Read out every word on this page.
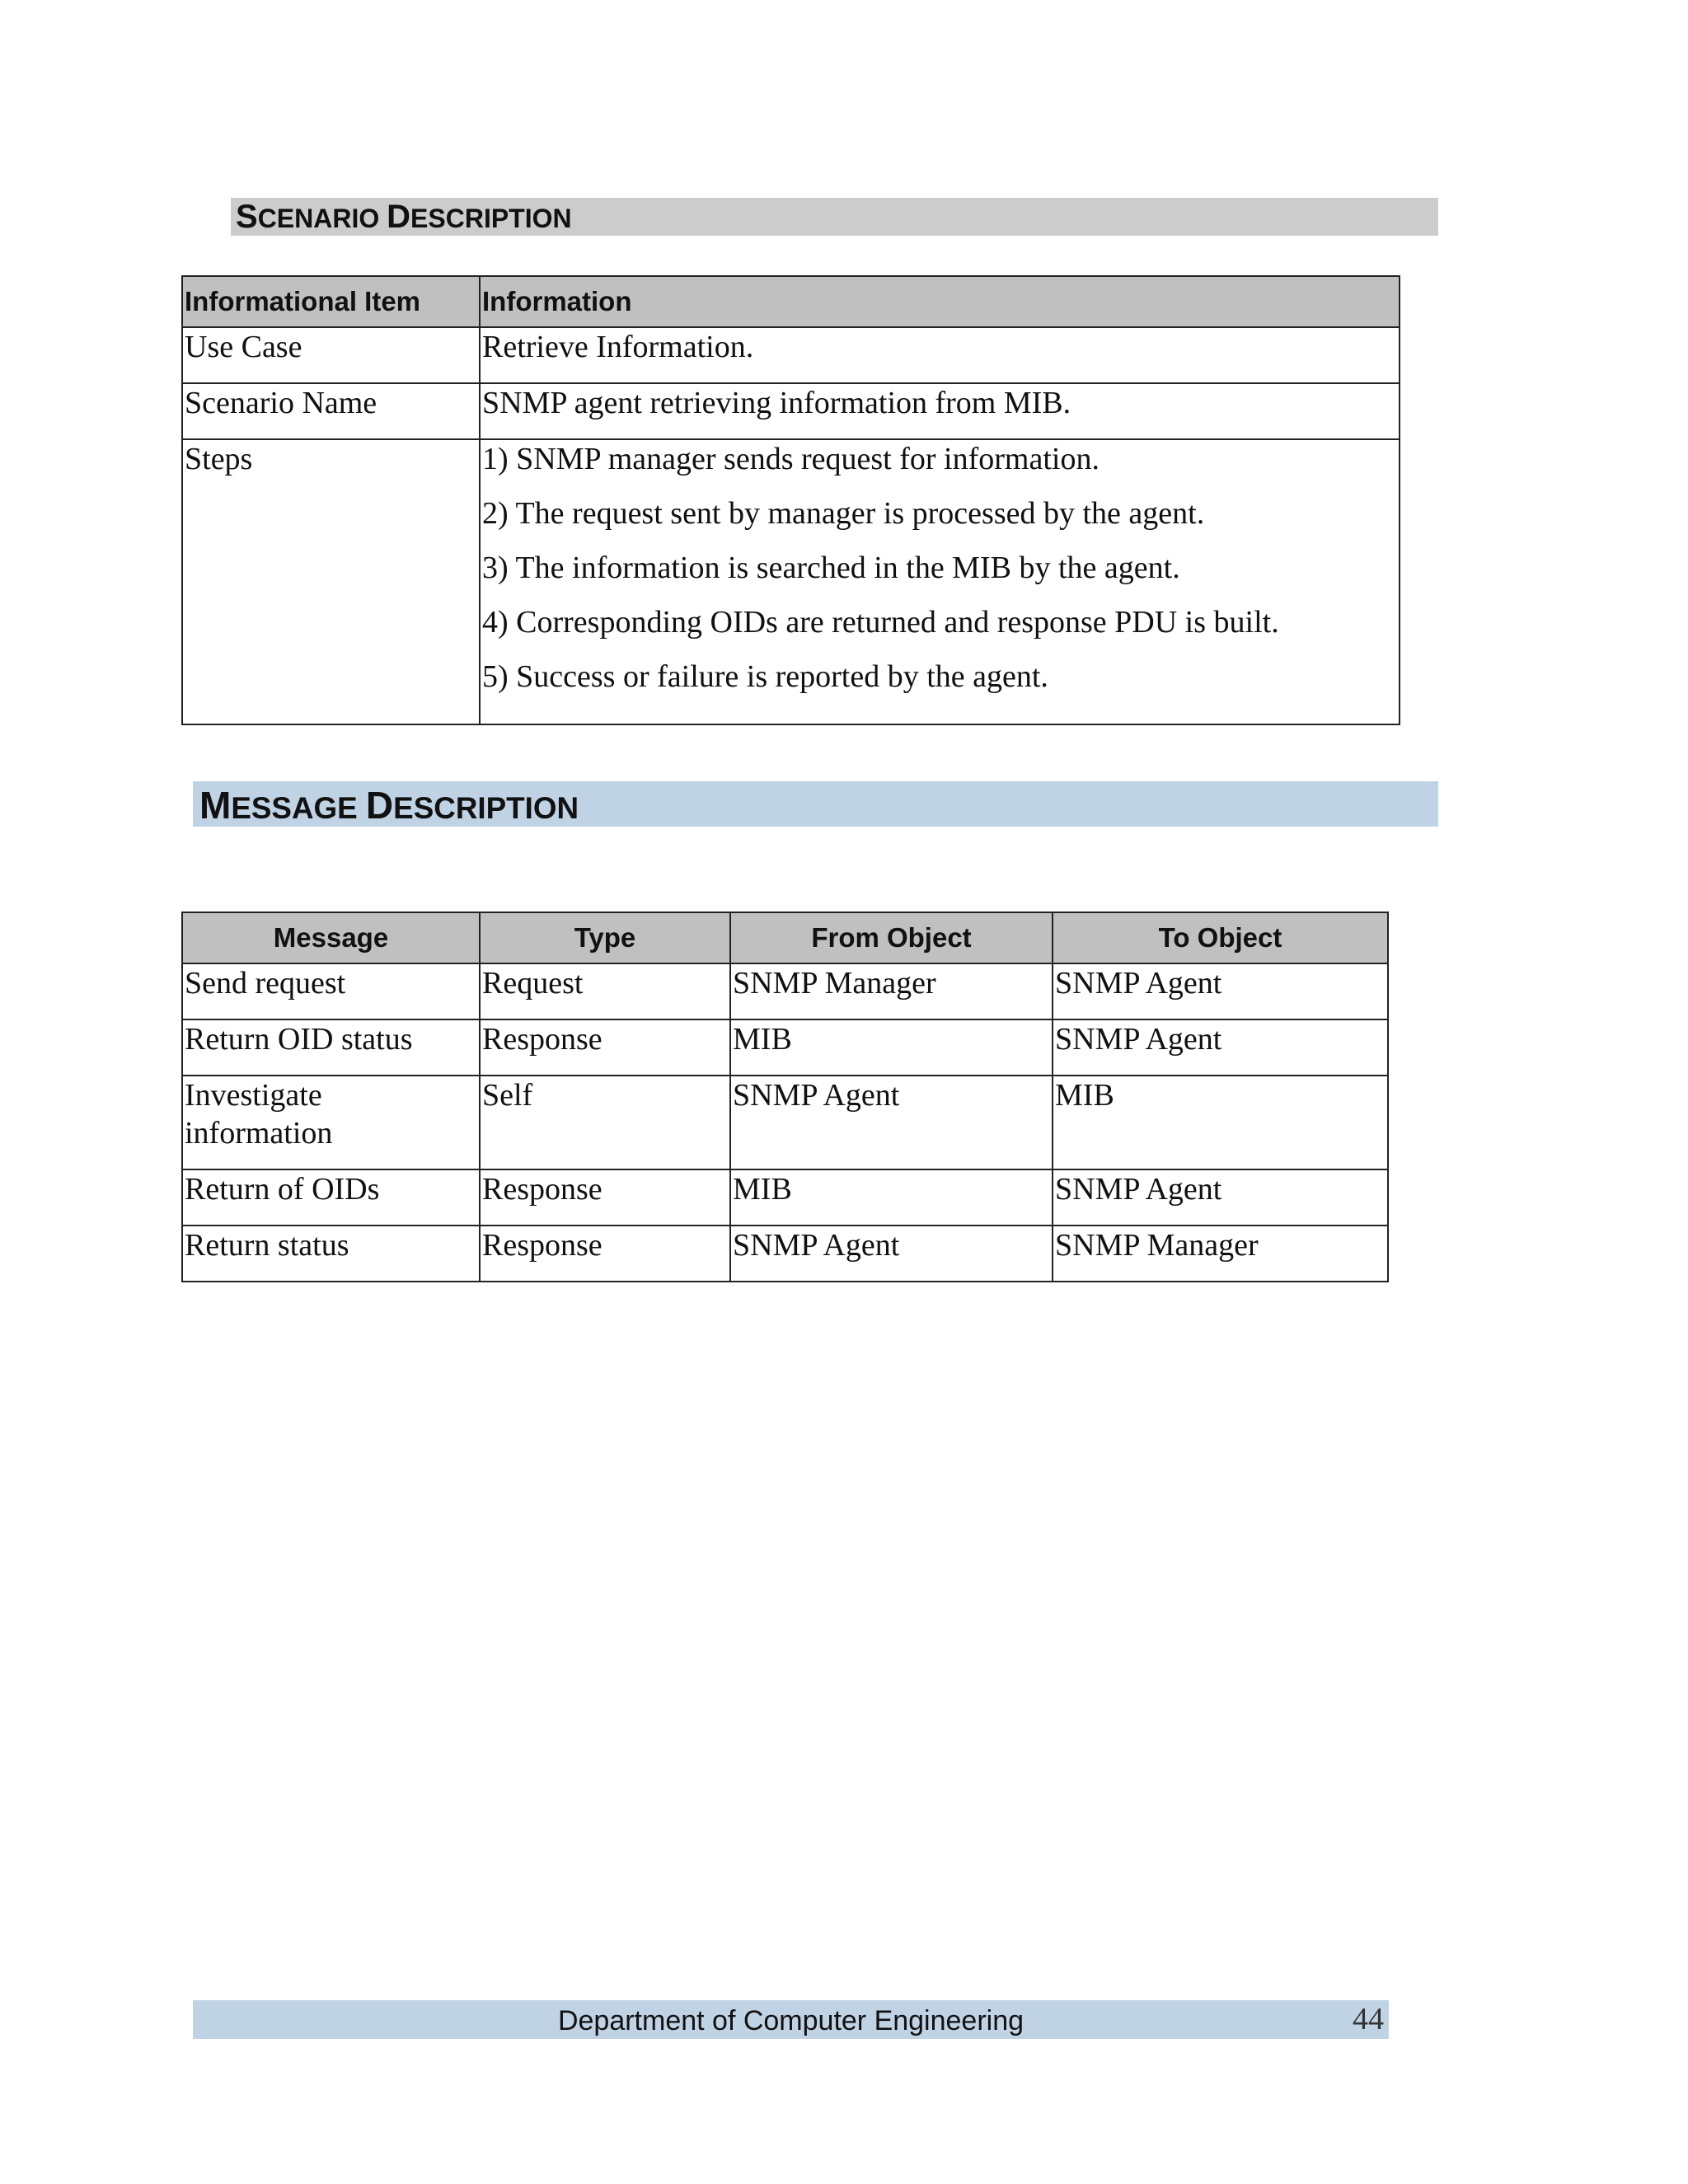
SCENARIO DESCRIPTION
Informational Item	Information
Use Case	Retrieve Information.
Scenario Name	SNMP agent retrieving information from MIB.
Steps	1) SNMP manager sends request for information.
2) The request sent by manager is processed by the agent.
3) The information is searched in the MIB by the agent.
4) Corresponding OIDs are returned and response PDU is built.
5) Success or failure is reported by the agent.
MESSAGE DESCRIPTION
Message	Type	From Object	To Object
Send request	Request	SNMP Manager	SNMP Agent
Return OID status	Response	MIB	SNMP Agent
Investigate information	Self	SNMP Agent	MIB
Return of OIDs	Response	MIB	SNMP Agent
Return status	Response	SNMP Agent	SNMP Manager
Department of Computer Engineering	44
